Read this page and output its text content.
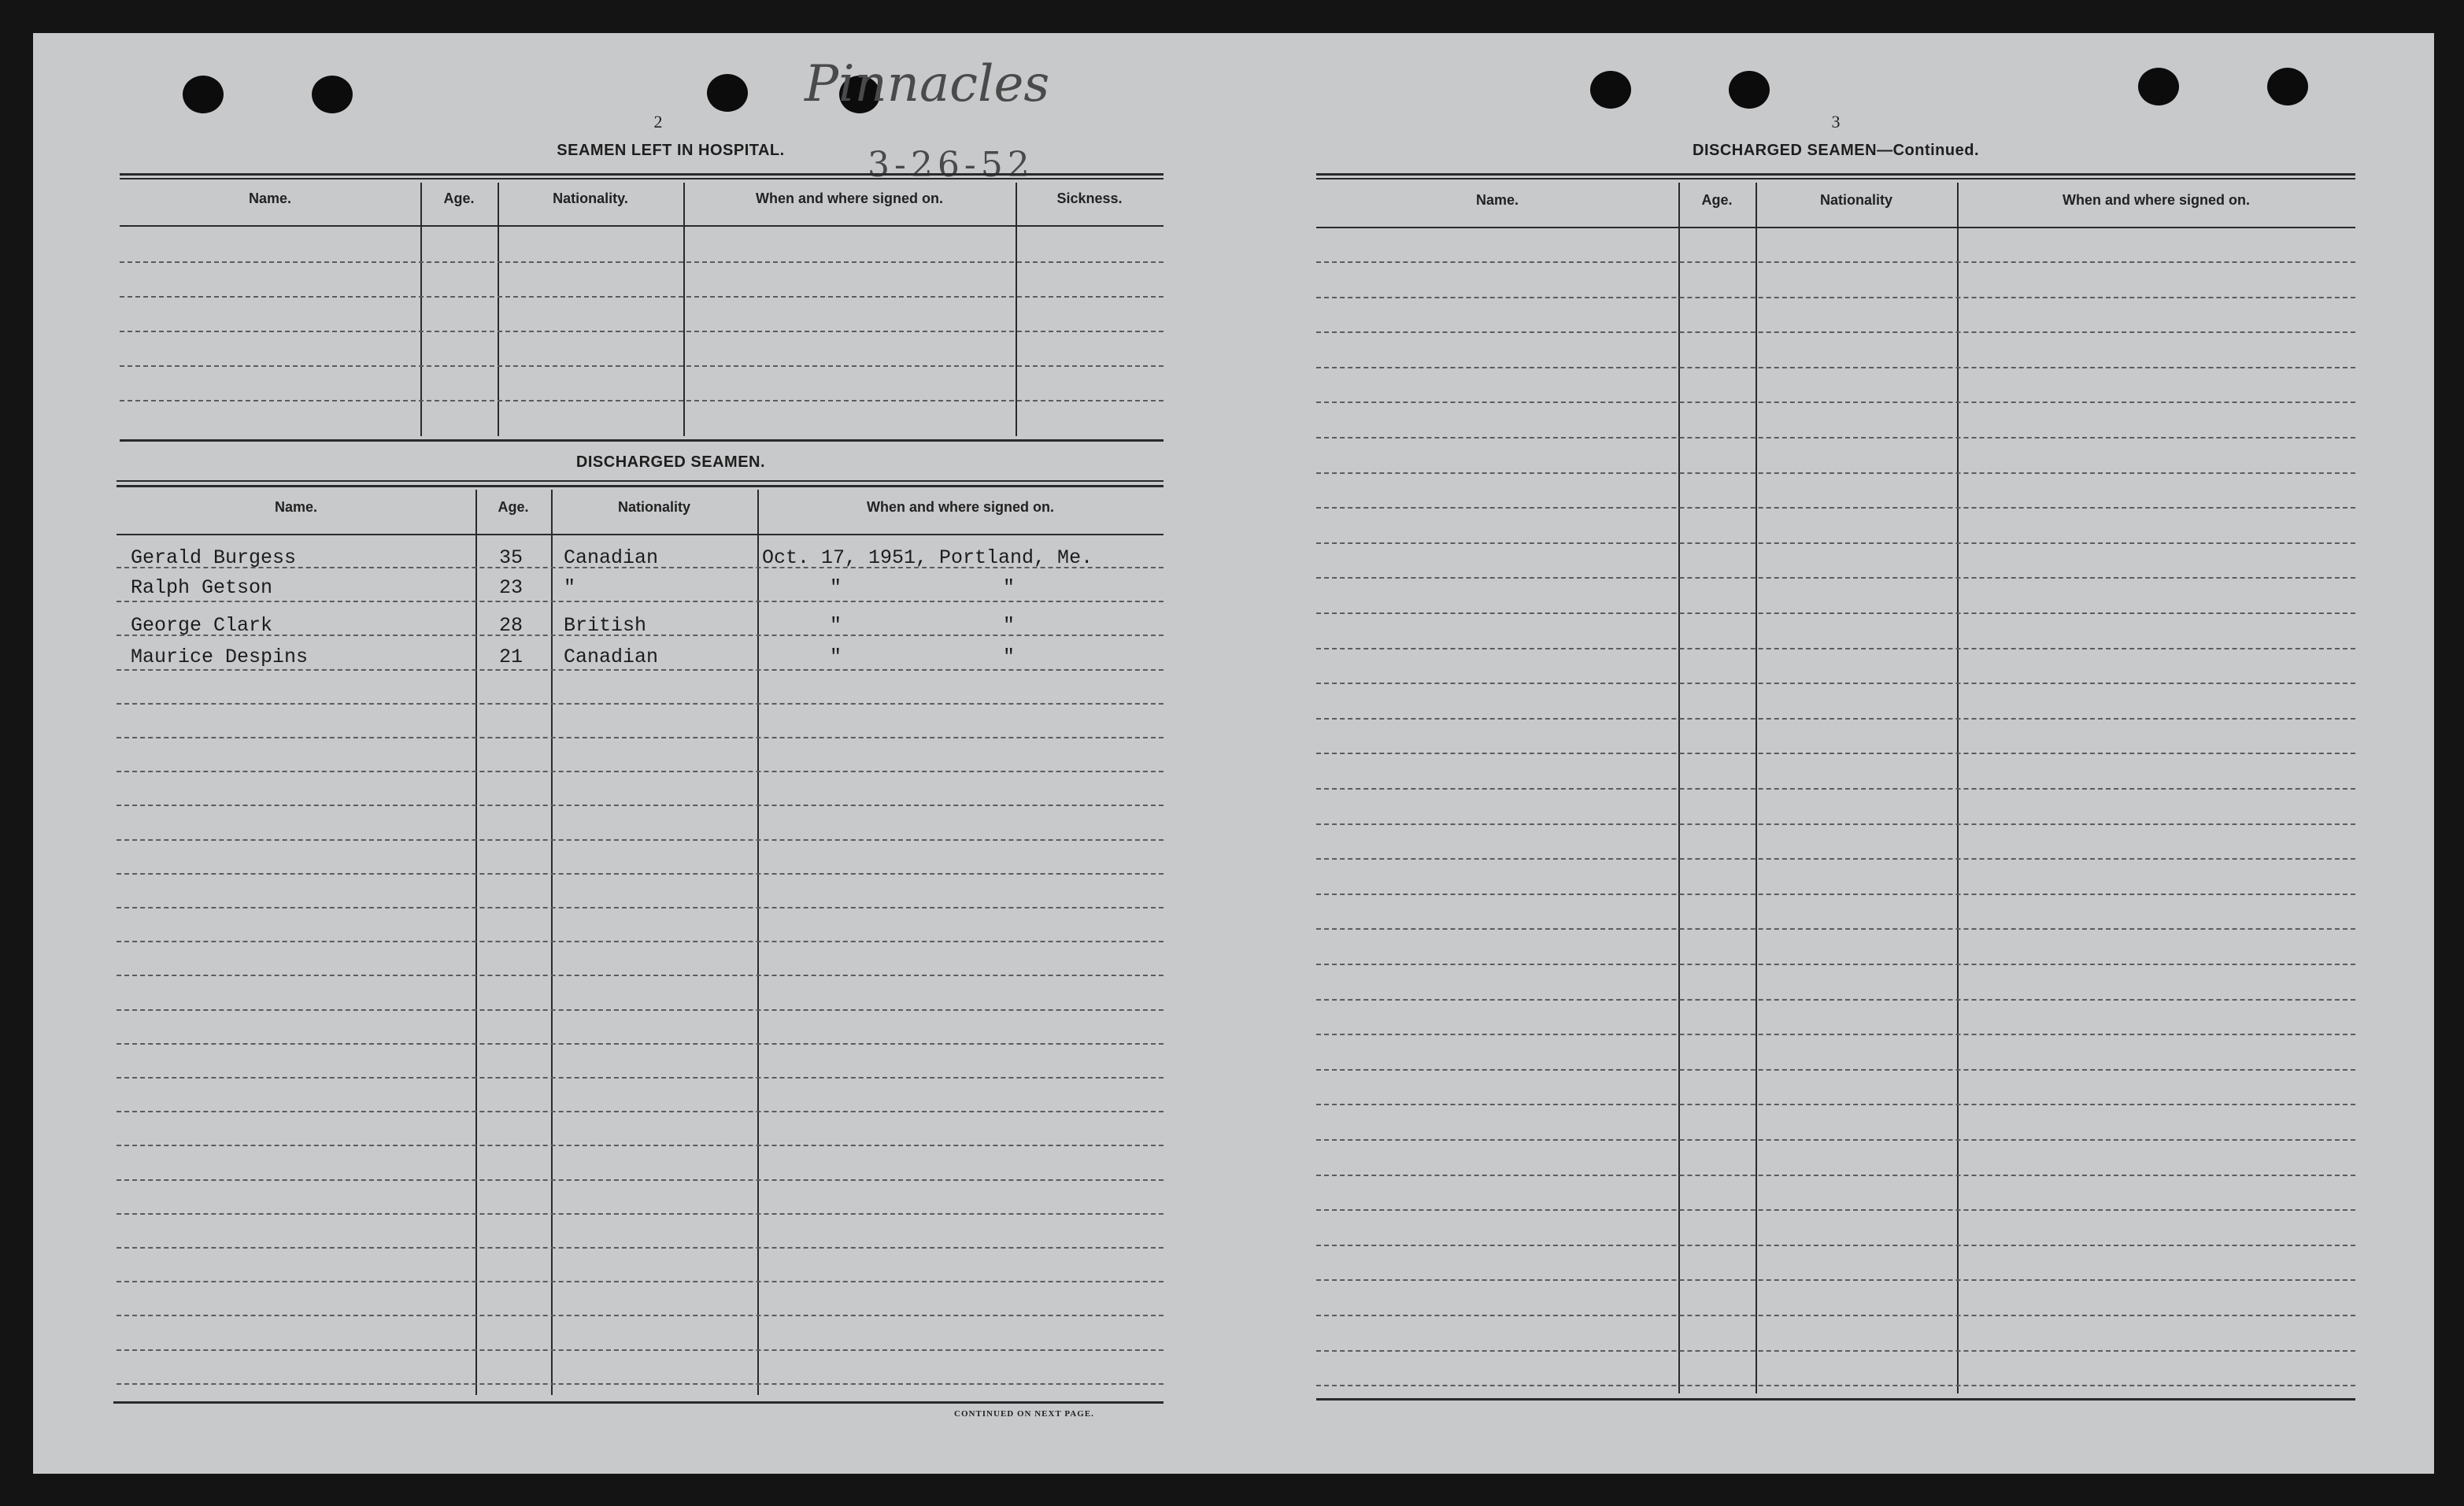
2
Pinnacles
3-26-52
SEAMEN LEFT IN HOSPITAL.
Name.	Age.	Nationality.	When and where signed on.	Sickness.
DISCHARGED SEAMEN.
Name.	Age.	Nationality	When and where signed on.
Gerald Burgess	35 Canadian	Oct. 17, 1951, Portland, Me.
Ralph Getson	23 "	"	"
George Clark	28 British	"	"
Maurice Despins	21 Canadian	"	"
CONTINUED ON NEXT PAGE.
3
DISCHARGED SEAMEN—Continued.
Name.	Age.	Nationality	When and where signed on.
